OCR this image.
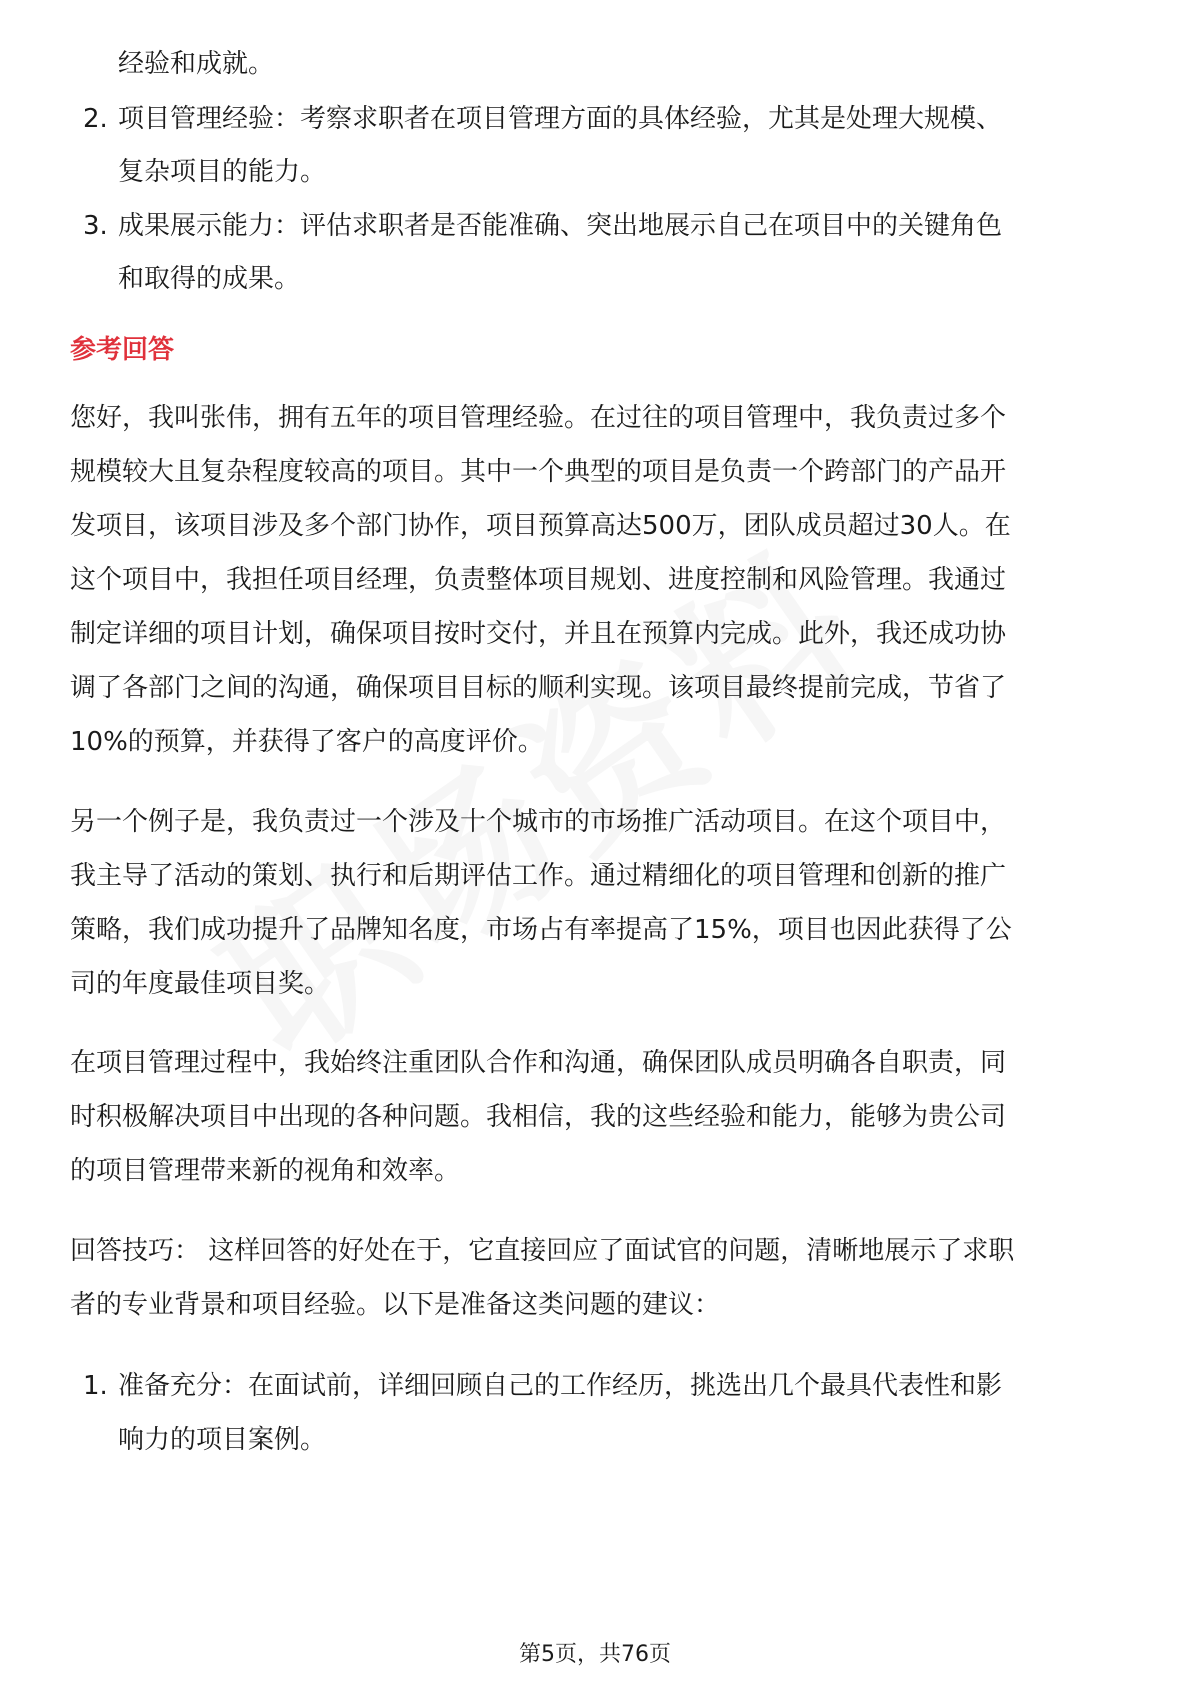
经验和成就。
2. 项目管理经验：考察求职者在项目管理方面的具体经验，尤其是处理大规模、
复杂项目的能力。
3. 成果展示能力：评估求职者是否能准确、突出地展示自己在项目中的关键角色
和取得的成果。
参考回答
您好，我叫张伟，拥有五年的项目管理经验。在过往的项目管理中，我负责过多个
规模较大且复杂程度较高的项目。其中一个典型的项目是负责一个跨部门的产品开
发项目，该项目涉及多个部门协作，项目预算高达500万，团队成员超过30人。在
这个项目中，我担任项目经理，负责整体项目规划、进度控制和风险管理。我通过
制定详细的项目计划，确保项目按时交付，并且在预算内完成。此外，我还成功协
调了各部门之间的沟通，确保项目目标的顺利实现。该项目最终提前完成，节省了
10%的预算，并获得了客户的高度评价。
另一个例子是，我负责过一个涉及十个城市的市场推广活动项目。在这个项目中，
我主导了活动的策划、执行和后期评估工作。通过精细化的项目管理和创新的推广
策略，我们成功提升了品牌知名度，市场占有率提高了15%，项目也因此获得了公
司的年度最佳项目奖。
在项目管理过程中，我始终注重团队合作和沟通，确保团队成员明确各自职责，同
时积极解决项目中出现的各种问题。我相信，我的这些经验和能力，能够为贵公司
的项目管理带来新的视角和效率。
回答技巧： 这样回答的好处在于，它直接回应了面试官的问题，清晰地展示了求职
者的专业背景和项目经验。以下是准备这类问题的建议：
1. 准备充分：在面试前，详细回顾自己的工作经历，挑选出几个最具代表性和影
响力的项目案例。
第5页，共76页
